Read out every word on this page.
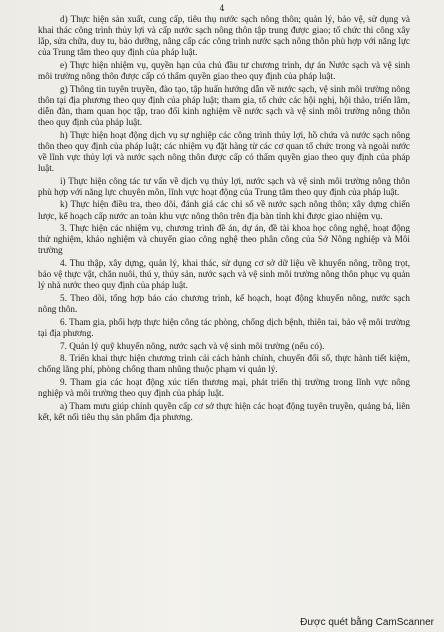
4

d) Thực hiện sản xuất, cung cấp, tiêu thụ nước sạch nông thôn; quản lý, bảo vệ, sử dụng và khai thác công trình thủy lợi và cấp nước sạch nông thôn tập trung được giao; tổ chức thi công xây lắp, sửa chữa, duy tu, bảo dưỡng, nâng cấp các công trình nước sạch nông thôn phù hợp với năng lực của Trung tâm theo quy định của pháp luật.

e) Thực hiện nhiệm vụ, quyền hạn của chủ đầu tư chương trình, dự án Nước sạch và vệ sinh môi trường nông thôn được cấp có thẩm quyền giao theo quy định của pháp luật.

g) Thông tin tuyên truyền, đào tạo, tập huấn hướng dẫn về nước sạch, vệ sinh môi trường nông thôn tại địa phương theo quy định của pháp luật; tham gia, tổ chức các hội nghị, hội thảo, triển lãm, diễn đàn, tham quan học tập, trao đổi kinh nghiệm về nước sạch và vệ sinh môi trường nông thôn theo quy định của pháp luật.

h) Thực hiện hoạt động dịch vụ sự nghiệp các công trình thủy lợi, hồ chứa và nước sạch nông thôn theo quy định của pháp luật; các nhiệm vụ đặt hàng từ các cơ quan tổ chức trong và ngoài nước về lĩnh vực thủy lợi và nước sạch nông thôn được cấp có thẩm quyền giao theo quy định của pháp luật.

i) Thực hiện công tác tư vấn về dịch vụ thủy lợi, nước sạch và vệ sinh môi trường nông thôn phù hợp với năng lực chuyên môn, lĩnh vực hoạt động của Trung tâm theo quy định của pháp luật.

k) Thực hiện điều tra, theo dõi, đánh giá các chỉ số về nước sạch nông thôn; xây dựng chiến lược, kế hoạch cấp nước an toàn khu vực nông thôn trên địa bàn tỉnh khi được giao nhiệm vụ.

3. Thực hiện các nhiệm vụ, chương trình đề án, dự án, đề tài khoa học công nghệ, hoạt động thử nghiệm, khảo nghiệm và chuyển giao công nghệ theo phân công của Sở Nông nghiệp và Môi trường

4. Thu thập, xây dựng, quản lý, khai thác, sử dụng cơ sở dữ liệu về khuyến nông, trồng trọt, bảo vệ thực vật, chăn nuôi, thú y, thủy sản, nước sạch và vệ sinh môi trường nông thôn phục vụ quản lý nhà nước theo quy định của pháp luật.

5. Theo dõi, tổng hợp báo cáo chương trình, kế hoạch, hoạt động khuyến nông, nước sạch nông thôn.

6. Tham gia, phối hợp thực hiện công tác phòng, chống dịch bệnh, thiên tai, bảo vệ môi trường tại địa phương.

7. Quản lý quỹ khuyến nông, nước sạch và vệ sinh môi trường (nếu có).

8. Triển khai thực hiện chương trình cải cách hành chính, chuyển đổi số, thực hành tiết kiệm, chống lãng phí, phòng chống tham nhũng thuộc phạm vi quản lý.

9. Tham gia các hoạt động xúc tiến thương mại, phát triển thị trường trong lĩnh vực nông nghiệp và môi trường theo quy định của pháp luật.

a) Tham mưu giúp chính quyền cấp cơ sở thực hiện các hoạt động tuyên truyền, quảng bá, liên kết, kết nối tiêu thụ sản phẩm địa phương.

Được quét bằng CamScanner
